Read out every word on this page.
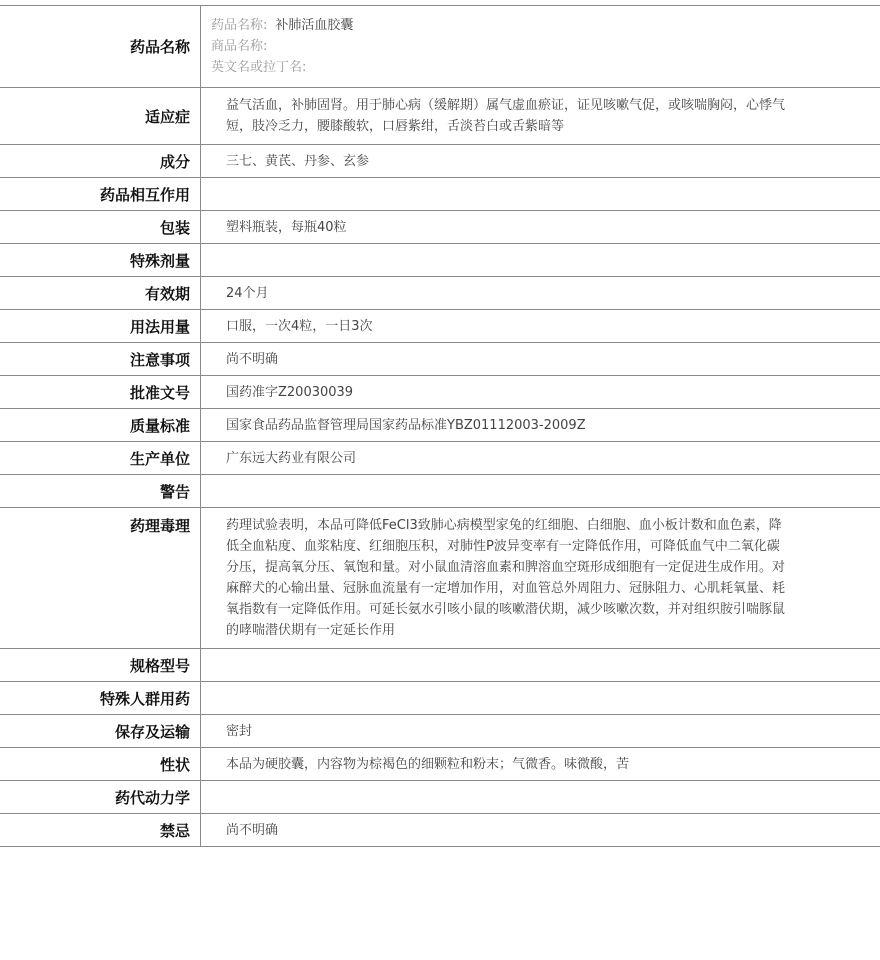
药品名称	药品名称: 补肺活血胶囊
商品名称:
英文名或拉丁名:

适应症	益气活血，补肺固肾。用于肺心病（缓解期）属气虚血瘀证，证见咳嗽气促，或咳喘胸闷，心悸气短，肢冷乏力，腰膝酸软，口唇紫绀，舌淡苔白或舌紫暗等
成分	三七、黄芪、丹参、玄参
药品相互作用	
包装	塑料瓶装，每瓶40粒
特殊剂量	
有效期	24个月
用法用量	口服，一次4粒，一日3次
注意事项	尚不明确
批准文号	国药准字Z20030039
质量标准	国家食品药品监督管理局国家药品标准YBZ01112003-2009Z
生产单位	广东远大药业有限公司
警告	
药理毒理	药理试验表明，本品可降低FeCl3致肺心病模型家兔的红细胞、白细胞、血小板计数和血色素，降低全血粘度、血浆粘度、红细胞压积，对肺性P波异变率有一定降低作用，可降低血气中二氧化碳分压，提高氧分压、氧饱和量。对小鼠血清溶血素和脾溶血空斑形成细胞有一定促进生成作用。对麻醉犬的心输出量、冠脉血流量有一定增加作用，对血管总外周阻力、冠脉阻力、心肌耗氧量、耗氧指数有一定降低作用。可延长氨水引咳小鼠的咳嗽潜伏期，减少咳嗽次数，并对组织胺引喘豚鼠的哮喘潜伏期有一定延长作用
规格型号	
特殊人群用药	
保存及运输	密封
性状	本品为硬胶囊，内容物为棕褐色的细颗粒和粉末；气微香。味微酸，苦
药代动力学	
禁忌	尚不明确
